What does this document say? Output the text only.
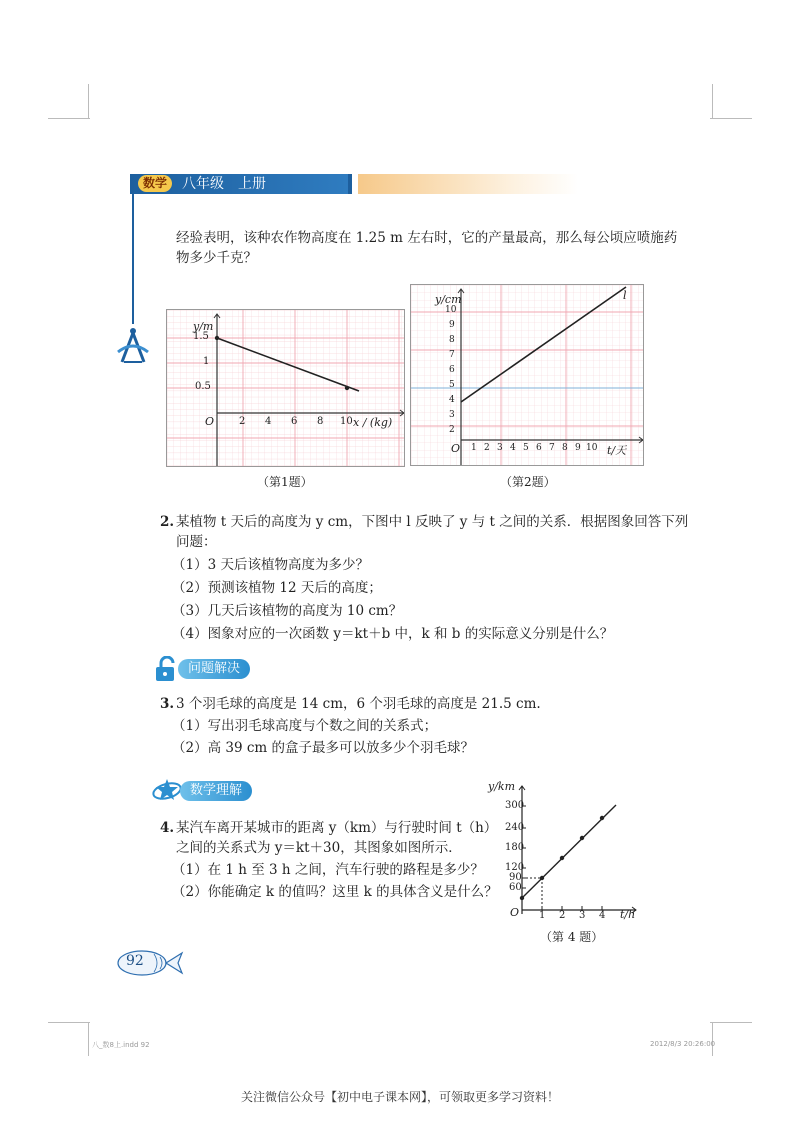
数学	八年级　上册
经验表明，该种农作物高度在 1.25 m 左右时，它的产量最高，那么每公顷应喷施药
物多少千克？
y/m
x / (kg)
O
1.5
1
0.5
2 4 6 8 10
（第1题）
y/cm	l
O	t/天
10
9
8
7
6
5
4
3
2
1 2 3 4 5 6 7 8 9 10
（第2题）
2. 某植物 t 天后的高度为 y cm，下图中 l 反映了 y 与 t 之间的关系．根据图象回答下列
问题：
（1）3 天后该植物高度为多少？
（2）预测该植物 12 天后的高度；
（3）几天后该植物的高度为 10 cm？
（4）图象对应的一次函数 y＝kt＋b 中，k 和 b 的实际意义分别是什么？
问题解决
3. 3 个羽毛球的高度是 14 cm，6 个羽毛球的高度是 21.5 cm.
（1）写出羽毛球高度与个数之间的关系式；
（2）高 39 cm 的盒子最多可以放多少个羽毛球？
数学理解
4. 某汽车离开某城市的距离 y（km）与行驶时间 t（h）
之间的关系式为 y＝kt＋30，其图象如图所示．
（1）在 1 h 至 3 h 之间，汽车行驶的路程是多少？
（2）你能确定 k 的值吗？这里 k 的具体含义是什么？
y/km
300
240
180
120
90
60
O 1 2 3 4 t/h
（第 4 题）
92
八_数8上.indd 92	2012/8/3 20:26:00
关注微信公众号【初中电子课本网】，可领取更多学习资料！
